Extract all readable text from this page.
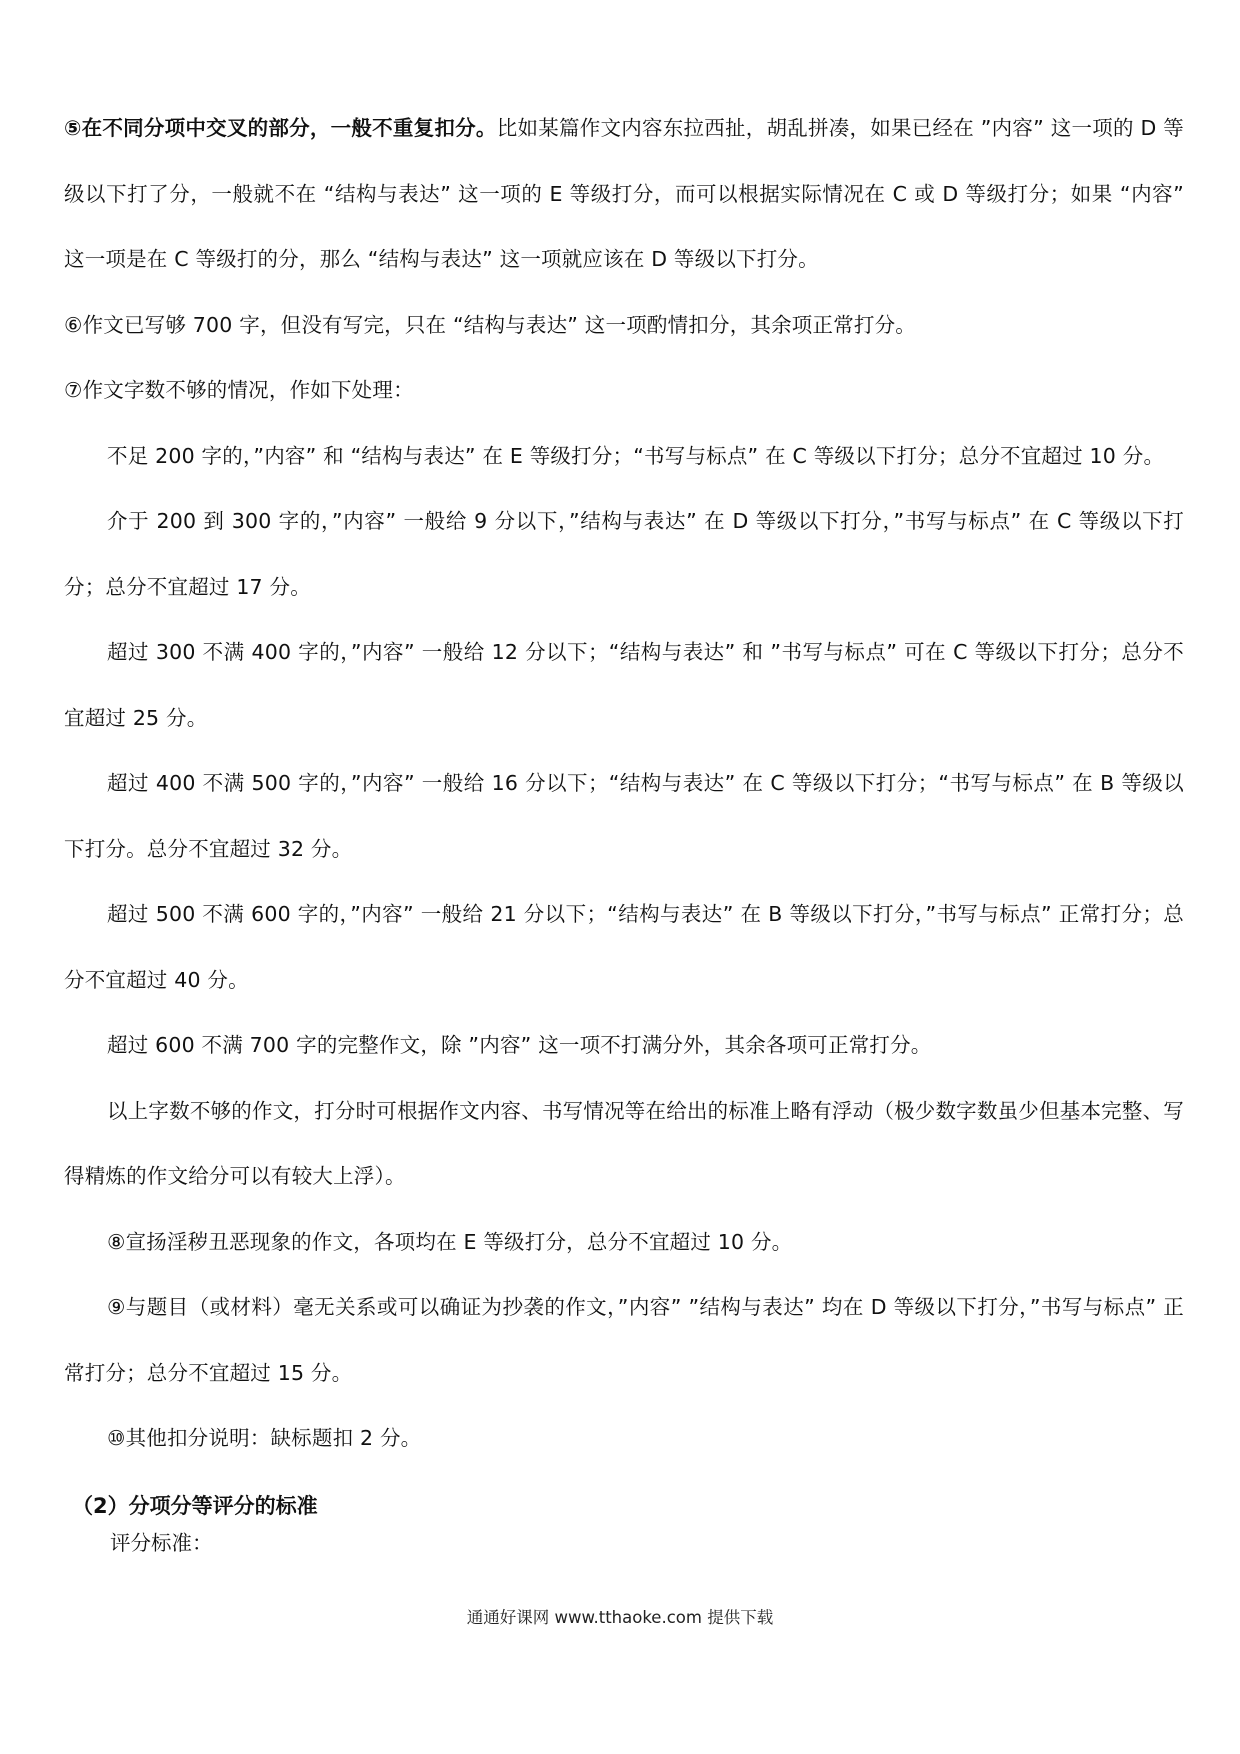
⑤在不同分项中交叉的部分，一般不重复扣分。比如某篇作文内容东拉西扯，胡乱拼凑，如果已经在 ”内容” 这一项的 D 等级以下打了分，一般就不在 “结构与表达” 这一项的 E 等级打分，而可以根据实际情况在 C 或 D 等级打分；如果 “内容” 这一项是在 C 等级打的分，那么 “结构与表达” 这一项就应该在 D 等级以下打分。

⑥作文已写够 700 字，但没有写完，只在 “结构与表达” 这一项酌情扣分，其余项正常打分。

⑦作文字数不够的情况，作如下处理：

不足 200 字的，”内容” 和 “结构与表达” 在 E 等级打分；“书写与标点” 在 C 等级以下打分；总分不宜超过 10 分。

介于 200 到 300 字的，”内容” 一般给 9 分以下，”结构与表达” 在 D 等级以下打分，”书写与标点” 在 C 等级以下打分；总分不宜超过 17 分。

超过 300 不满 400 字的，”内容” 一般给 12 分以下；“结构与表达” 和 ”书写与标点” 可在 C 等级以下打分；总分不宜超过 25 分。

超过 400 不满 500 字的，”内容” 一般给 16 分以下；“结构与表达” 在 C 等级以下打分；“书写与标点” 在 B 等级以下打分。总分不宜超过 32 分。

超过 500 不满 600 字的，”内容” 一般给 21 分以下；“结构与表达” 在 B 等级以下打分，”书写与标点” 正常打分；总分不宜超过 40 分。

超过 600 不满 700 字的完整作文，除 ”内容” 这一项不打满分外，其余各项可正常打分。

以上字数不够的作文，打分时可根据作文内容、书写情况等在给出的标准上略有浮动（极少数字数虽少但基本完整、写得精炼的作文给分可以有较大上浮）。

⑧宣扬淫秽丑恶现象的作文，各项均在 E 等级打分，总分不宜超过 10 分。

⑨与题目（或材料）毫无关系或可以确证为抄袭的作文，”内容” ”结构与表达” 均在 D 等级以下打分，”书写与标点” 正常打分；总分不宜超过 15 分。

⑩其他扣分说明：缺标题扣 2 分。

（2）分项分等评分的标准
评分标准：
通通好课网 www.tthaoke.com 提供下载
